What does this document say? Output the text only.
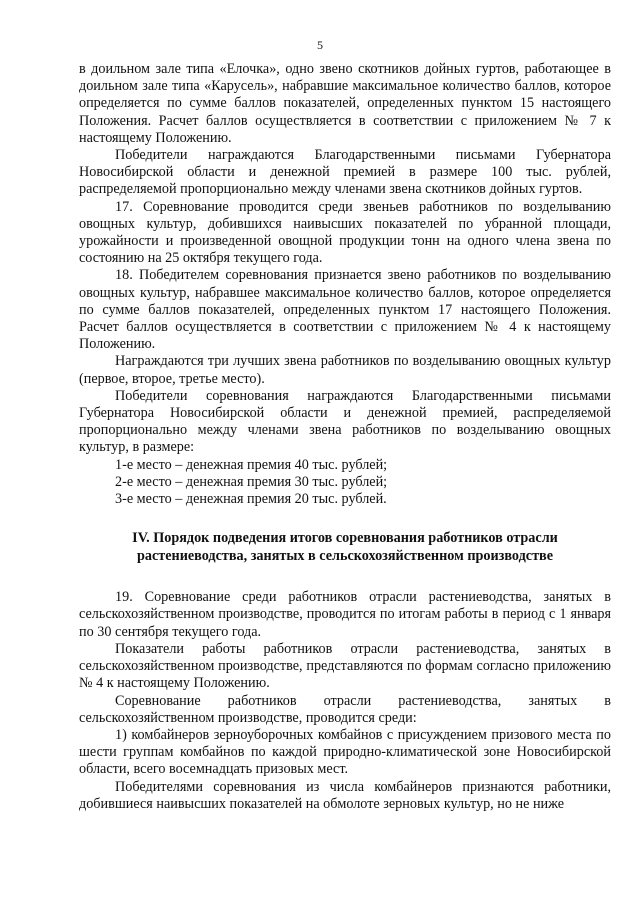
5

в доильном зале типа «Елочка», одно звено скотников дойных гуртов, работающее в доильном зале типа «Карусель», набравшие максимальное количество баллов, которое определяется по сумме баллов показателей, определенных пунктом 15 настоящего Положения. Расчет баллов осуществляется в соответствии с приложением № 7 к настоящему Положению.

Победители награждаются Благодарственными письмами Губернатора Новосибирской области и денежной премией в размере 100 тыс. рублей, распределяемой пропорционально между членами звена скотников дойных гуртов.

17. Соревнование проводится среди звеньев работников по возделыванию овощных культур, добившихся наивысших показателей по убранной площади, урожайности и произведенной овощной продукции тонн на одного члена звена по состоянию на 25 октября текущего года.

18. Победителем соревнования признается звено работников по возделыванию овощных культур, набравшее максимальное количество баллов, которое определяется по сумме баллов показателей, определенных пунктом 17 настоящего Положения. Расчет баллов осуществляется в соответствии с приложением № 4 к настоящему Положению.

Награждаются три лучших звена работников по возделыванию овощных культур (первое, второе, третье место).

Победители соревнования награждаются Благодарственными письмами Губернатора Новосибирской области и денежной премией, распределяемой пропорционально между членами звена работников по возделыванию овощных культур, в размере:

1-е место – денежная премия 40 тыс. рублей;

2-е место – денежная премия 30 тыс. рублей;

3-е место – денежная премия 20 тыс. рублей.

IV. Порядок подведения итогов соревнования работников отрасли
растениеводства, занятых в сельскохозяйственном производстве

19. Соревнование среди работников отрасли растениеводства, занятых в сельскохозяйственном производстве, проводится по итогам работы в период с 1 января по 30 сентября текущего года.

Показатели работы работников отрасли растениеводства, занятых в сельскохозяйственном производстве, представляются по формам согласно приложению № 4 к настоящему Положению.

Соревнование работников отрасли растениеводства, занятых в сельскохозяйственном производстве, проводится среди:

1) комбайнеров зерноуборочных комбайнов с присуждением призового места по шести группам комбайнов по каждой природно-климатической зоне Новосибирской области, всего восемнадцать призовых мест.

Победителями соревнования из числа комбайнеров признаются работники, добившиеся наивысших показателей на обмолоте зерновых культур, но не ниже
